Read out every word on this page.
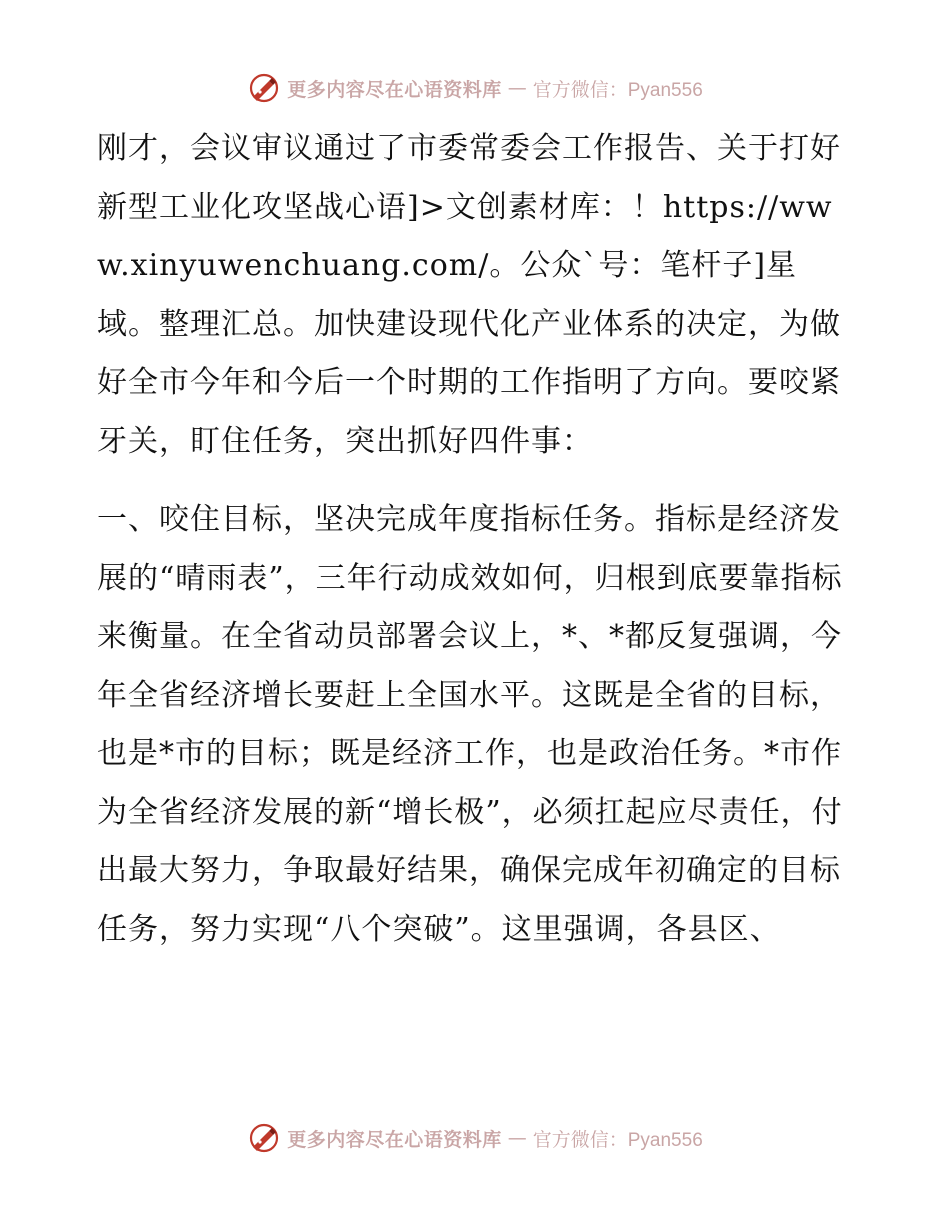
更多内容尽在心语资料库 — 官方微信：Pyan556

刚才，会议审议通过了市委常委会工作报告、关于打好新型工业化攻坚战心语]>文创素材库：！https://www.xinyuwenchuang.com/。公众`号：笔杆子]星域。整理汇总。加快建设现代化产业体系的决定，为做好全市今年和今后一个时期的工作指明了方向。要咬紧牙关，盯住任务，突出抓好四件事：

一、咬住目标，坚决完成年度指标任务。指标是经济发展的“晴雨表”，三年行动成效如何，归根到底要靠指标来衡量。在全省动员部署会议上，*、*都反复强调，今年全省经济增长要赶上全国水平。这既是全省的目标，也是*市的目标；既是经济工作，也是政治任务。*市作为全省经济发展的新“增长极”，必须扛起应尽责任，付出最大努力，争取最好结果，确保完成年初确定的目标任务，努力实现“八个突破”。这里强调，各县区、

更多内容尽在心语资料库 — 官方微信：Pyan556
